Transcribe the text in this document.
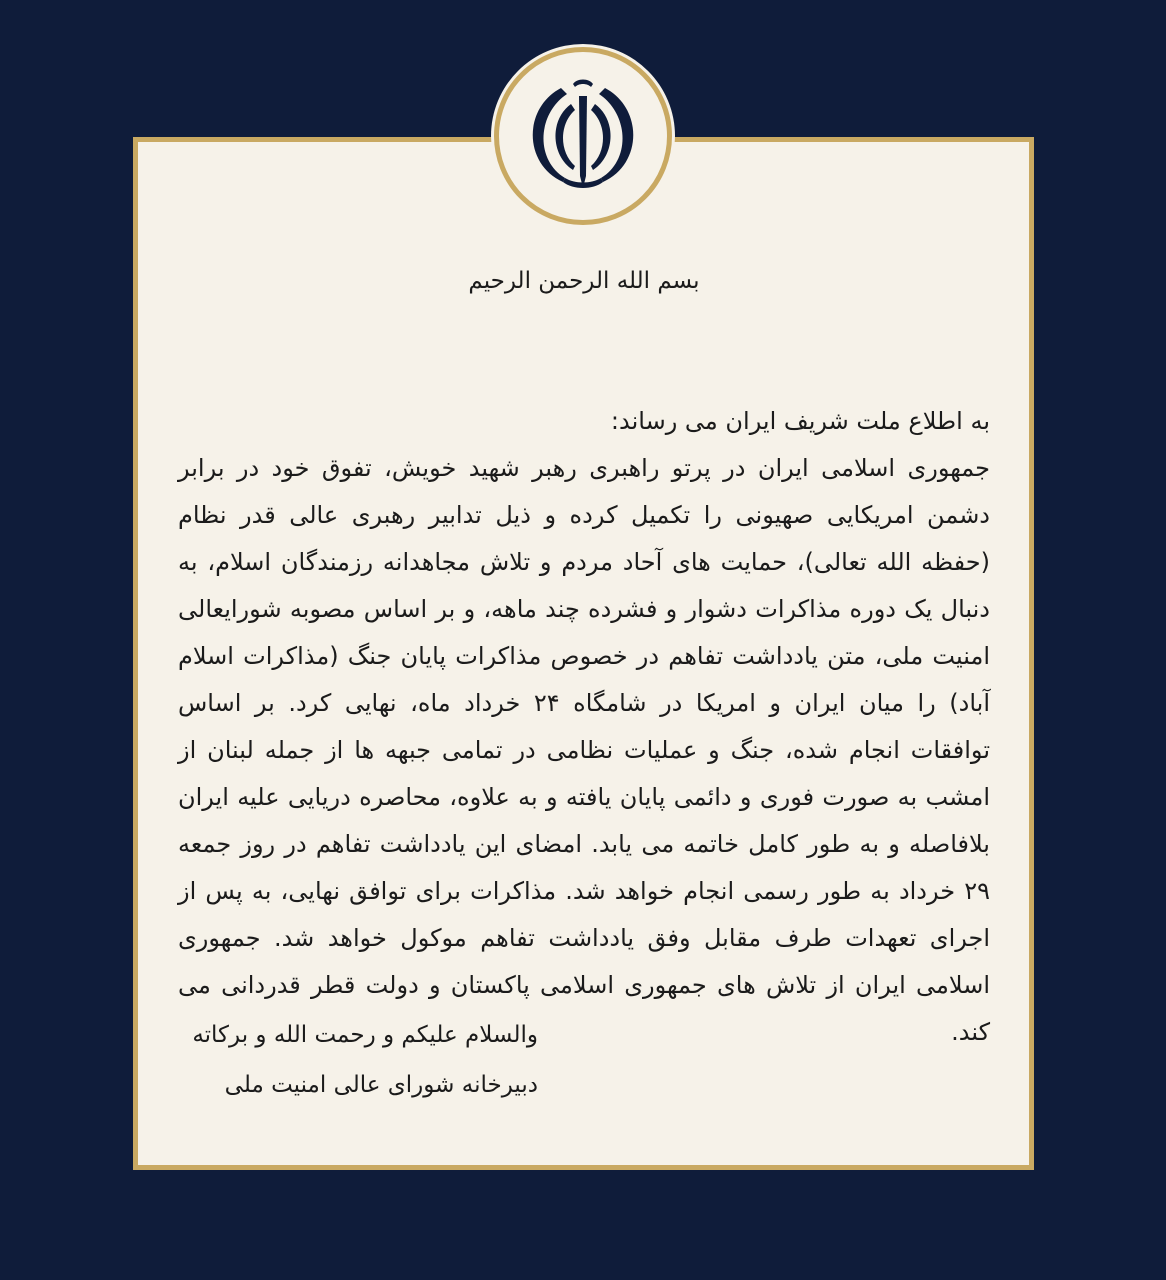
بسم الله الرحمن الرحیم

به اطلاع ملت شریف ایران می رساند:

جمهوری اسلامی ایران در پرتو راهبری رهبر شهید خویش، تفوق خود در برابر دشمن امریکایی صهیونی را تکمیل کرده و ذیل تدابیر رهبری عالی قدر نظام (حفظه الله تعالی)، حمایت های آحاد مردم و تلاش مجاهدانه رزمندگان اسلام، به دنبال یک دوره مذاکرات دشوار و فشرده چند ماهه، و بر اساس مصوبه شورایعالی امنیت ملی، متن یادداشت تفاهم در خصوص مذاکرات پایان جنگ (مذاکرات اسلام آباد) را میان ایران و امریکا در شامگاه ۲۴ خرداد ماه، نهایی کرد. بر اساس توافقات انجام شده، جنگ و عملیات نظامی در تمامی جبهه ها از جمله لبنان از امشب به صورت فوری و دائمی پایان یافته و به علاوه، محاصره دریایی علیه ایران بلافاصله و به طور کامل خاتمه می یابد. امضای این یادداشت تفاهم در روز جمعه ۲۹ خرداد به طور رسمی انجام خواهد شد. مذاکرات برای توافق نهایی، به پس از اجرای تعهدات طرف مقابل وفق یادداشت تفاهم موکول خواهد شد. جمهوری اسلامی ایران از تلاش های جمهوری اسلامی پاکستان و دولت قطر قدردانی می کند.

والسلام علیکم و رحمت الله و برکاته

دبیرخانه شورای عالی امنیت ملی
